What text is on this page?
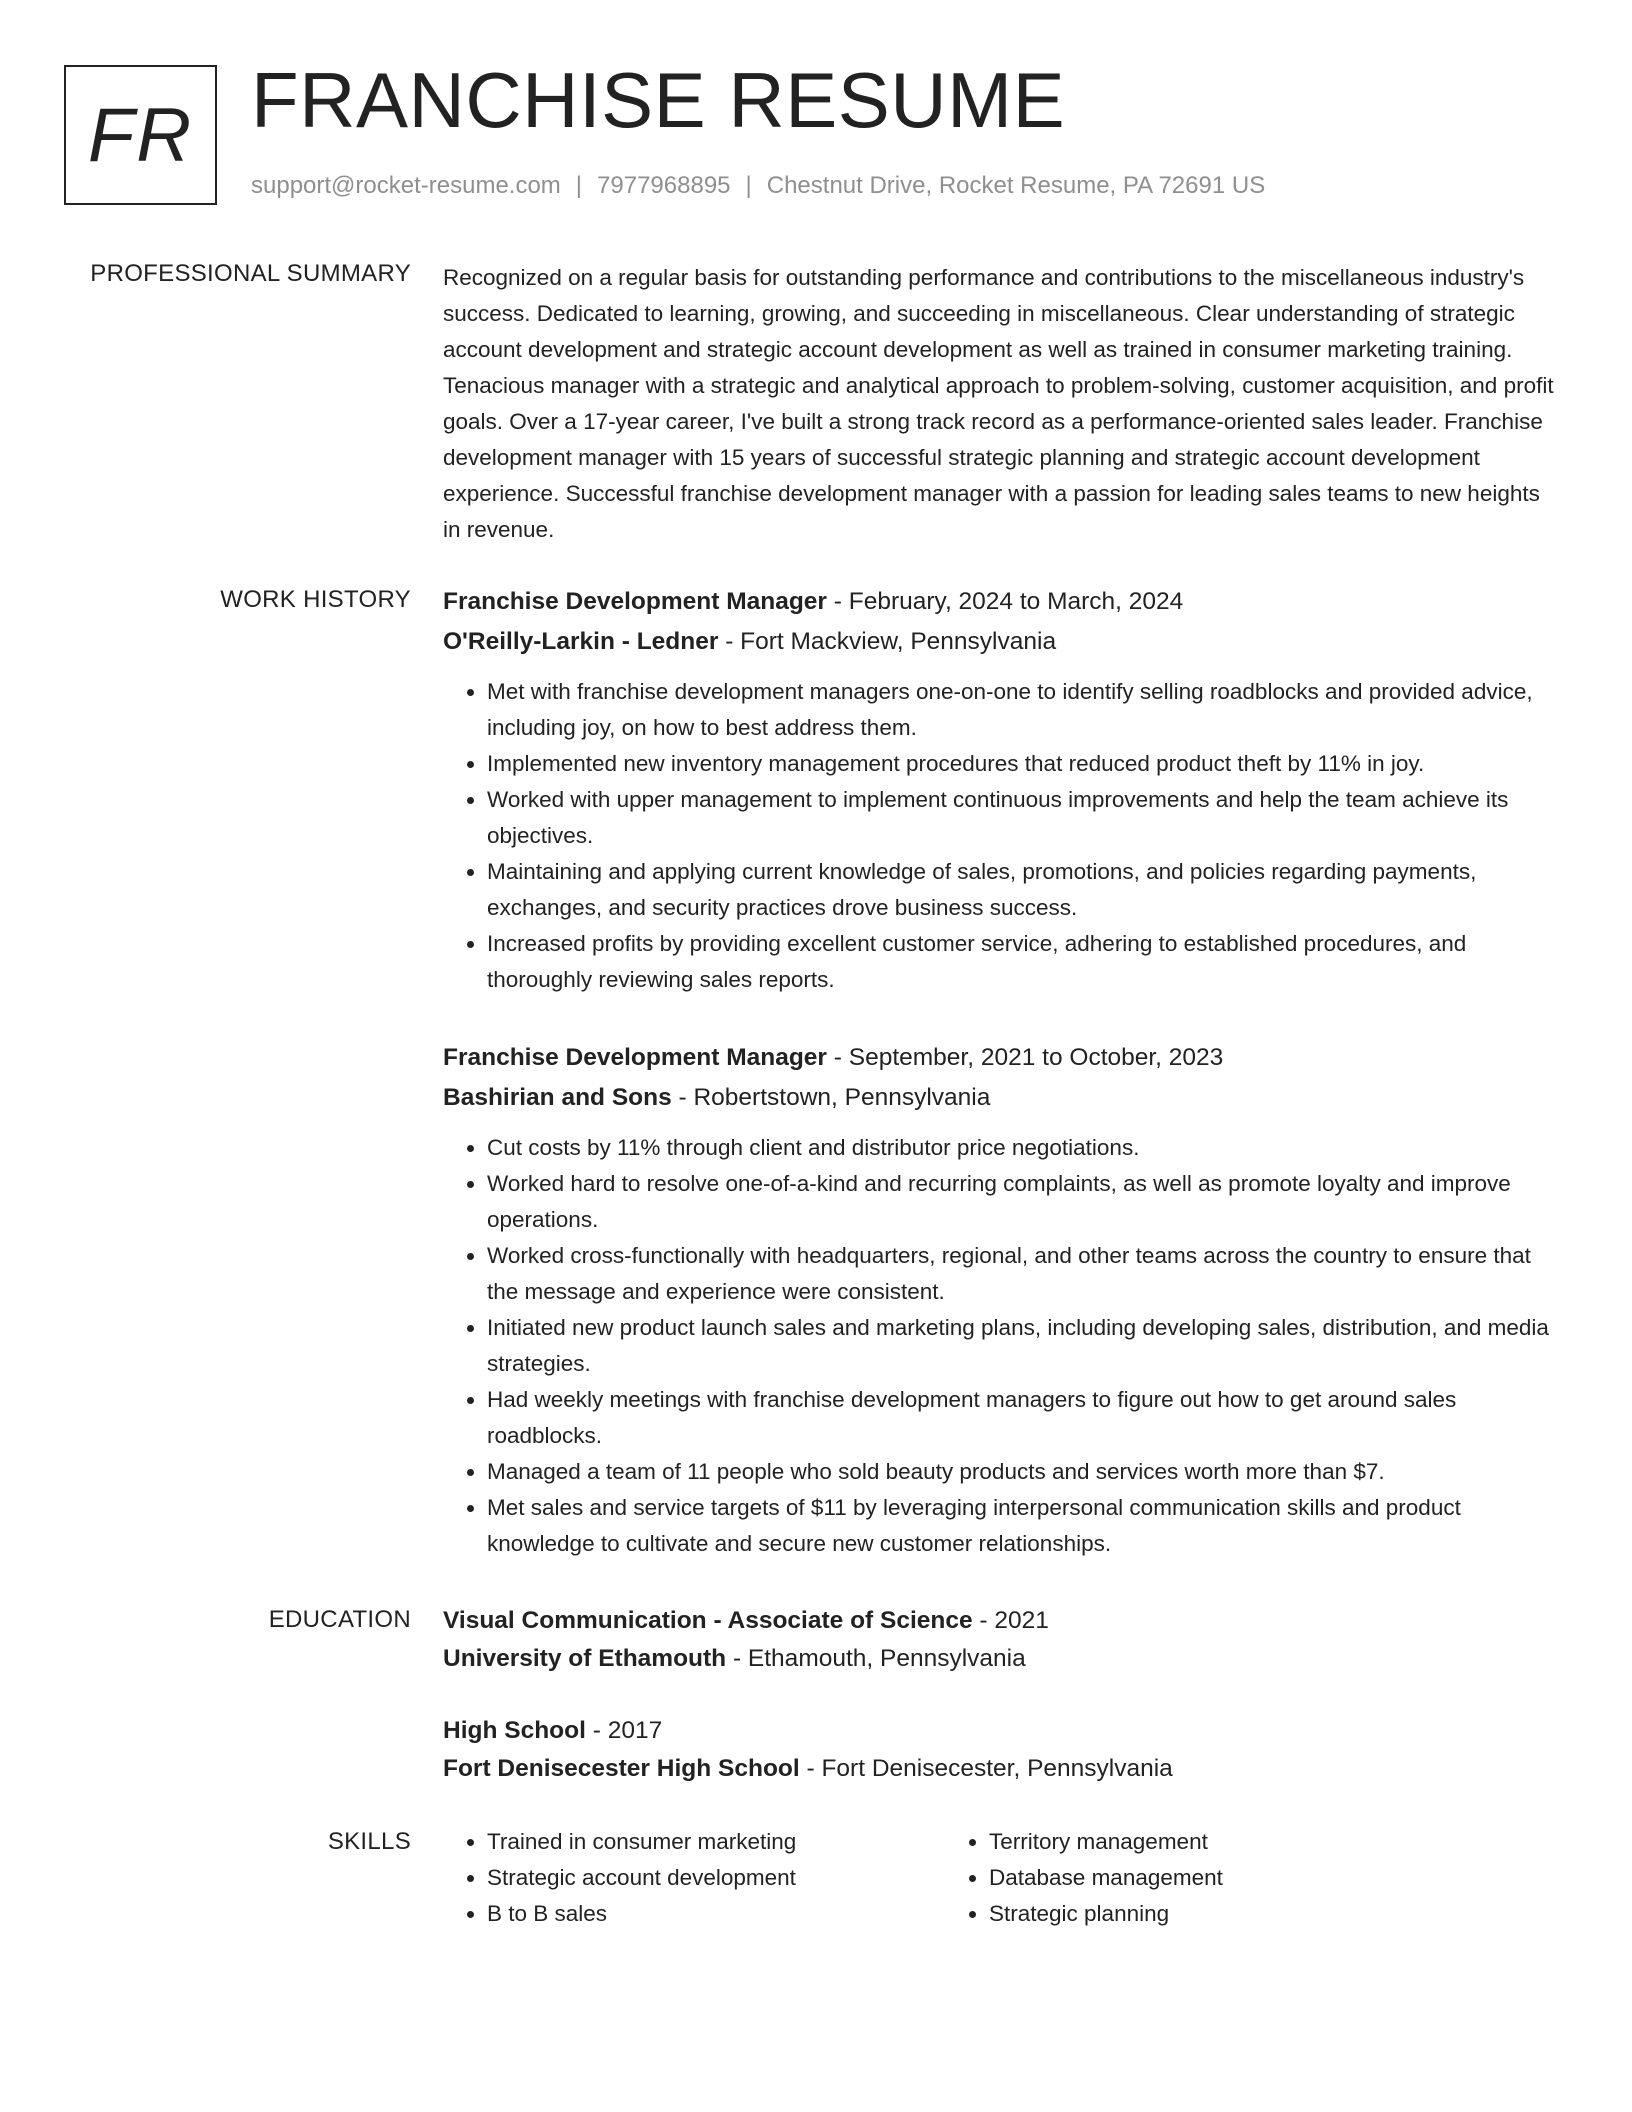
FR FRANCHISE RESUME
support@rocket-resume.com | 7977968895 | Chestnut Drive, Rocket Resume, PA 72691 US
PROFESSIONAL SUMMARY Recognized on a regular basis for outstanding performance and contributions to the miscellaneous industry's success. Dedicated to learning, growing, and succeeding in miscellaneous. Clear understanding of strategic account development and strategic account development as well as trained in consumer marketing training. Tenacious manager with a strategic and analytical approach to problem-solving, customer acquisition, and profit goals. Over a 17-year career, I've built a strong track record as a performance-oriented sales leader. Franchise development manager with 15 years of successful strategic planning and strategic account development experience. Successful franchise development manager with a passion for leading sales teams to new heights in revenue.

WORK HISTORY Franchise Development Manager - February, 2024 to March, 2024
O'Reilly-Larkin - Ledner - Fort Mackview, Pennsylvania
• Met with franchise development managers one-on-one to identify selling roadblocks and provided advice, including joy, on how to best address them.
• Implemented new inventory management procedures that reduced product theft by 11% in joy.
• Worked with upper management to implement continuous improvements and help the team achieve its objectives.
• Maintaining and applying current knowledge of sales, promotions, and policies regarding payments, exchanges, and security practices drove business success.
• Increased profits by providing excellent customer service, adhering to established procedures, and thoroughly reviewing sales reports.
Franchise Development Manager - September, 2021 to October, 2023
Bashirian and Sons - Robertstown, Pennsylvania
• Cut costs by 11% through client and distributor price negotiations.
• Worked hard to resolve one-of-a-kind and recurring complaints, as well as promote loyalty and improve operations.
• Worked cross-functionally with headquarters, regional, and other teams across the country to ensure that the message and experience were consistent.
• Initiated new product launch sales and marketing plans, including developing sales, distribution, and media strategies.
• Had weekly meetings with franchise development managers to figure out how to get around sales roadblocks.
• Managed a team of 11 people who sold beauty products and services worth more than $7.
• Met sales and service targets of $11 by leveraging interpersonal communication skills and product knowledge to cultivate and secure new customer relationships.
EDUCATION Visual Communication - Associate of Science - 2021
University of Ethamouth - Ethamouth, Pennsylvania
High School - 2017
Fort Denisecester High School - Fort Denisecester, Pennsylvania
SKILLS
•	Trained in consumer marketing
• Strategic account development
• B to B sales
• Territory management
• Database management
• Strategic planning
